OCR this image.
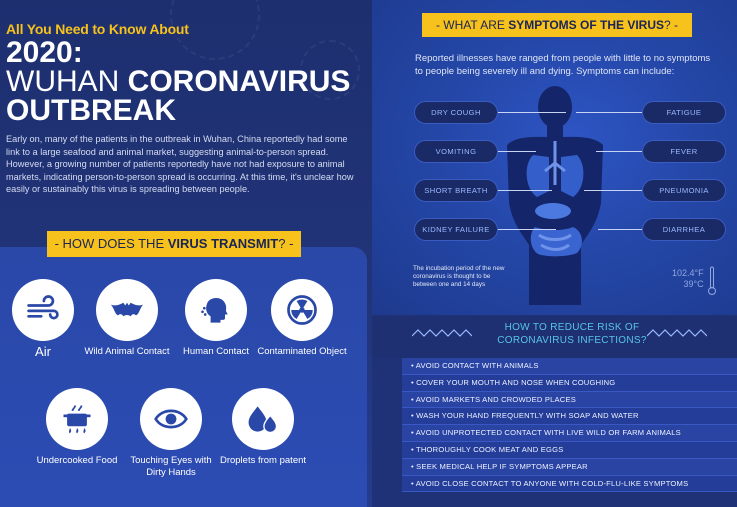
All You Need to Know About
2020:
WUHAN CORONAVIRUS
OUTBREAK

Early on, many of the patients in the outbreak in Wuhan, China reportedly had some link to a large seafood and animal market, suggesting animal-to-person spread. However, a growing number of patients reportedly have not had exposure to animal markets, indicating person-to-person spread is occurring. At this time, it's unclear how easily or sustainably this virus is spreading between people.

Air	Wild Animal Contact	Human Contact Contaminated Object
Undercooked Food	Touching Eyes with Dirty Hands
Droplets from patent
- HOW DOES THE VIRUS TRANSMIT? -
- WHAT ARE SYMPTOMS OF THE VIRUS? -

Reported illnesses have ranged from people with little to no symptoms to people being severely ill and dying. Symptoms can include:

DRY COUGH
VOMITING
SHORT BREATH
KIDNEY FAILURE
FATIGUE
FEVER
PNEUMONIA
DIARRHEA

The incubation period of the new coronavirus is thought to be between one and 14 days

102.4°F
39°C
HOW TO REDUCE RISK OF CORONAVIRUS INFECTIONS?
• AVOID CONTACT WITH ANIMALS
• COVER YOUR MOUTH AND NOSE WHEN COUGHING
• AVOID MARKETS AND CROWDED PLACES
• WASH YOUR HAND FREQUENTLY WITH SOAP AND WATER
• AVOID UNPROTECTED CONTACT WITH LIVE WILD OR FARM ANIMALS
• THOROUGHLY COOK MEAT AND EGGS
• SEEK MEDICAL HELP IF SYMPTOMS APPEAR
• AVOID CLOSE CONTACT TO ANYONE WITH COLD-FLU-LIKE SYMPTOMS
